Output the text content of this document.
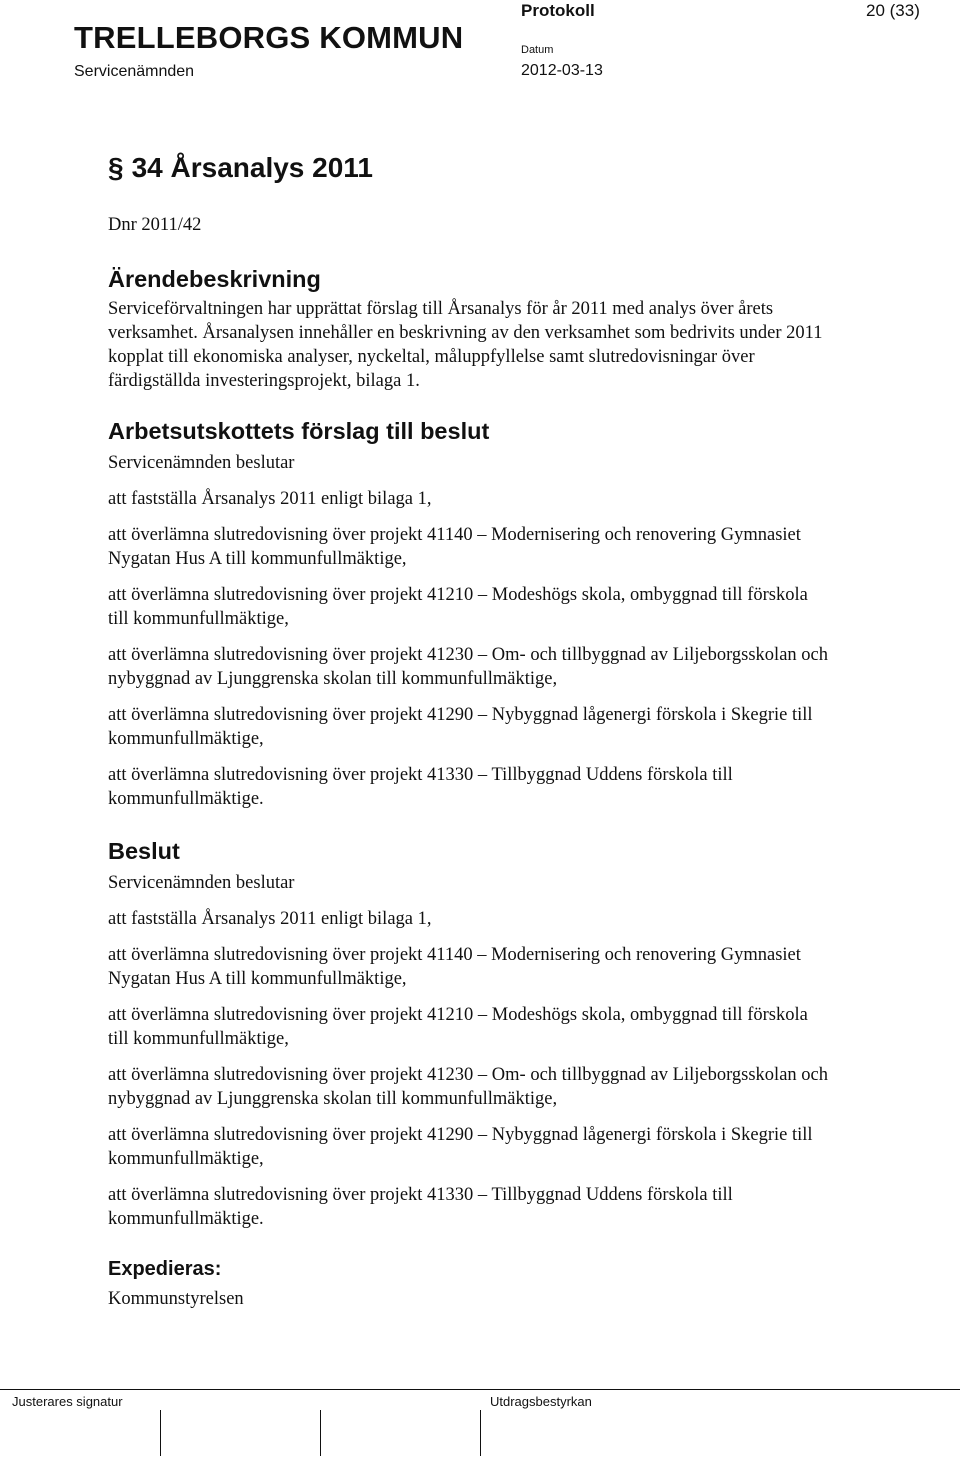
TRELLEBORGS KOMMUN
Servicenämnden
Protokoll
Datum
2012-03-13
20 (33)
§ 34 Årsanalys 2011

Dnr 2011/42

Ärendebeskrivning

Serviceförvaltningen har upprättat förslag till Årsanalys för år 2011 med analys över årets verksamhet. Årsanalysen innehåller en beskrivning av den verksamhet som bedrivits under 2011 kopplat till ekonomiska analyser, nyckeltal, måluppfyllelse samt slutredovisningar över färdigställda investeringsprojekt, bilaga 1.

Arbetsutskottets förslag till beslut

Servicenämnden beslutar

att fastställa Årsanalys 2011 enligt bilaga 1,

att överlämna slutredovisning över projekt 41140 – Modernisering och renovering Gymnasiet Nygatan Hus A till kommunfullmäktige,

att överlämna slutredovisning över projekt 41210 – Modeshögs skola, ombyggnad till förskola till kommunfullmäktige,

att överlämna slutredovisning över projekt 41230 – Om- och tillbyggnad av Liljeborgsskolan och nybyggnad av Ljunggrenska skolan till kommunfullmäktige,

att överlämna slutredovisning över projekt 41290 – Nybyggnad lågenergi förskola i Skegrie till kommunfullmäktige,

att överlämna slutredovisning över projekt 41330 – Tillbyggnad Uddens förskola till kommunfullmäktige.

Beslut

Servicenämnden beslutar

att fastställa Årsanalys 2011 enligt bilaga 1,

att överlämna slutredovisning över projekt 41140 – Modernisering och renovering Gymnasiet Nygatan Hus A till kommunfullmäktige,

att överlämna slutredovisning över projekt 41210 – Modeshögs skola, ombyggnad till förskola till kommunfullmäktige,

att överlämna slutredovisning över projekt 41230 – Om- och tillbyggnad av Liljeborgsskolan och nybyggnad av Ljunggrenska skolan till kommunfullmäktige,

att överlämna slutredovisning över projekt 41290 – Nybyggnad lågenergi förskola i Skegrie till kommunfullmäktige,

att överlämna slutredovisning över projekt 41330 – Tillbyggnad Uddens förskola till kommunfullmäktige.

Expedieras:

Kommunstyrelsen

Justerares signatur	Utdragsbestyrkan
